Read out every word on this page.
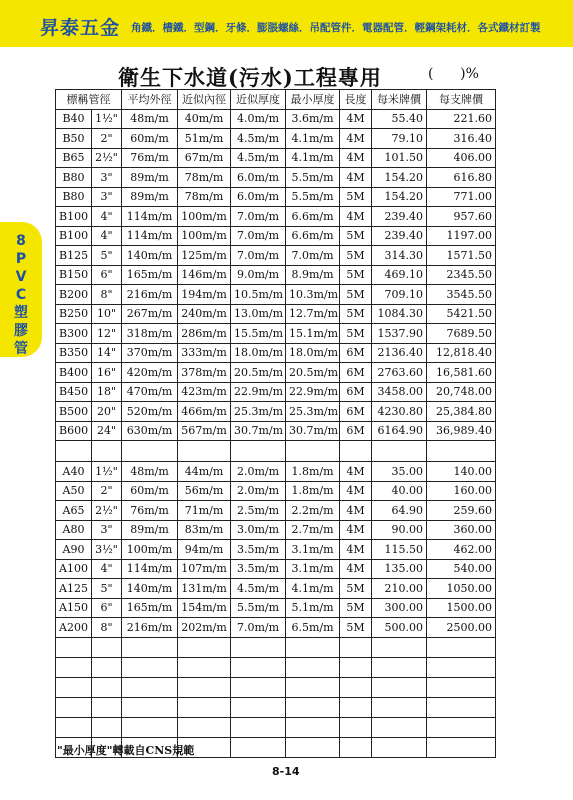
昇泰五金 角鐵．槽鐵．型鋼．牙條．膨脹螺絲．吊配管件．電器配管．輕鋼架耗材．各式鐵材訂製
8
P
V
C
塑
膠
管
衛生下水道(污水)工程專用	(      )%
標稱管徑		平均外徑	近似內徑	近似厚度	最小厚度	長度	每米牌價	每支牌價
B40	1½"	48m/m	40m/m	4.0m/m	3.6m/m	4M	55.40	221.60
B50	2"	60m/m	51m/m	4.5m/m	4.1m/m	4M	79.10	316.40
B65	2½"	76m/m	67m/m	4.5m/m	4.1m/m	4M	101.50	406.00
B80	3"	89m/m	78m/m	6.0m/m	5.5m/m	4M	154.20	616.80
B80	3"	89m/m	78m/m	6.0m/m	5.5m/m	5M	154.20	771.00
B100	4"	114m/m	100m/m	7.0m/m	6.6m/m	4M	239.40	957.60
B100	4"	114m/m	100m/m	7.0m/m	6.6m/m	5M	239.40	1197.00
B125	5"	140m/m	125m/m	7.0m/m	7.0m/m	5M	314.30	1571.50
B150	6"	165m/m	146m/m	9.0m/m	8.9m/m	5M	469.10	2345.50
B200	8"	216m/m	194m/m	10.5m/m	10.3m/m	5M	709.10	3545.50
B250	10"	267m/m	240m/m	13.0m/m	12.7m/m	5M	1084.30	5421.50
B300	12"	318m/m	286m/m	15.5m/m	15.1m/m	5M	1537.90	7689.50
B350	14"	370m/m	333m/m	18.0m/m	18.0m/m	6M	2136.40	12,818.40
B400	16"	420m/m	378m/m	20.5m/m	20.5m/m	6M	2763.60	16,581.60
B450	18"	470m/m	423m/m	22.9m/m	22.9m/m	6M	3458.00	20,748.00
B500	20"	520m/m	466m/m	25.3m/m	25.3m/m	6M	4230.80	25,384.80
B600	24"	630m/m	567m/m	30.7m/m	30.7m/m	6M	6164.90	36,989.40

A40	1½"	48m/m	44m/m	2.0m/m	1.8m/m	4M	35.00	140.00
A50	2"	60m/m	56m/m	2.0m/m	1.8m/m	4M	40.00	160.00
A65	2½"	76m/m	71m/m	2.5m/m	2.2m/m	4M	64.90	259.60
A80	3"	89m/m	83m/m	3.0m/m	2.7m/m	4M	90.00	360.00
A90	3½"	100m/m	94m/m	3.5m/m	3.1m/m	4M	115.50	462.00
A100	4"	114m/m	107m/m	3.5m/m	3.1m/m	4M	135.00	540.00
A125	5"	140m/m	131m/m	4.5m/m	4.1m/m	5M	210.00	1050.00
A150	6"	165m/m	154m/m	5.5m/m	5.1m/m	5M	300.00	1500.00
A200	8"	216m/m	202m/m	7.0m/m	6.5m/m	5M	500.00	2500.00

"最小厚度"轉載自CNS規範
8-14
